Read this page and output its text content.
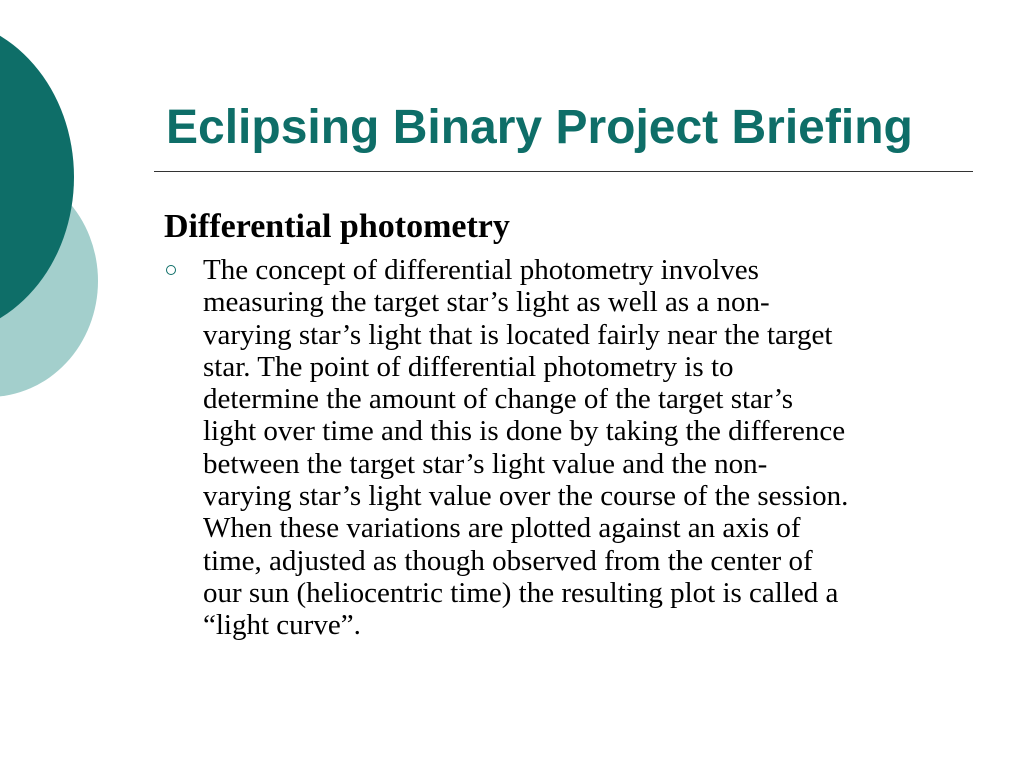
Eclipsing Binary Project Briefing
Differential photometry

The concept of differential photometry involves
measuring the target star’s light as well as a non-
varying star’s light that is located fairly near the target
star. The point of differential photometry is to
determine the amount of change of the target star’s
light over time and this is done by taking the difference
between the target star’s light value and the non-
varying star’s light value over the course of the session.
When these variations are plotted against an axis of
time, adjusted as though observed from the center of
our sun (heliocentric time) the resulting plot is called a
“light curve”.
